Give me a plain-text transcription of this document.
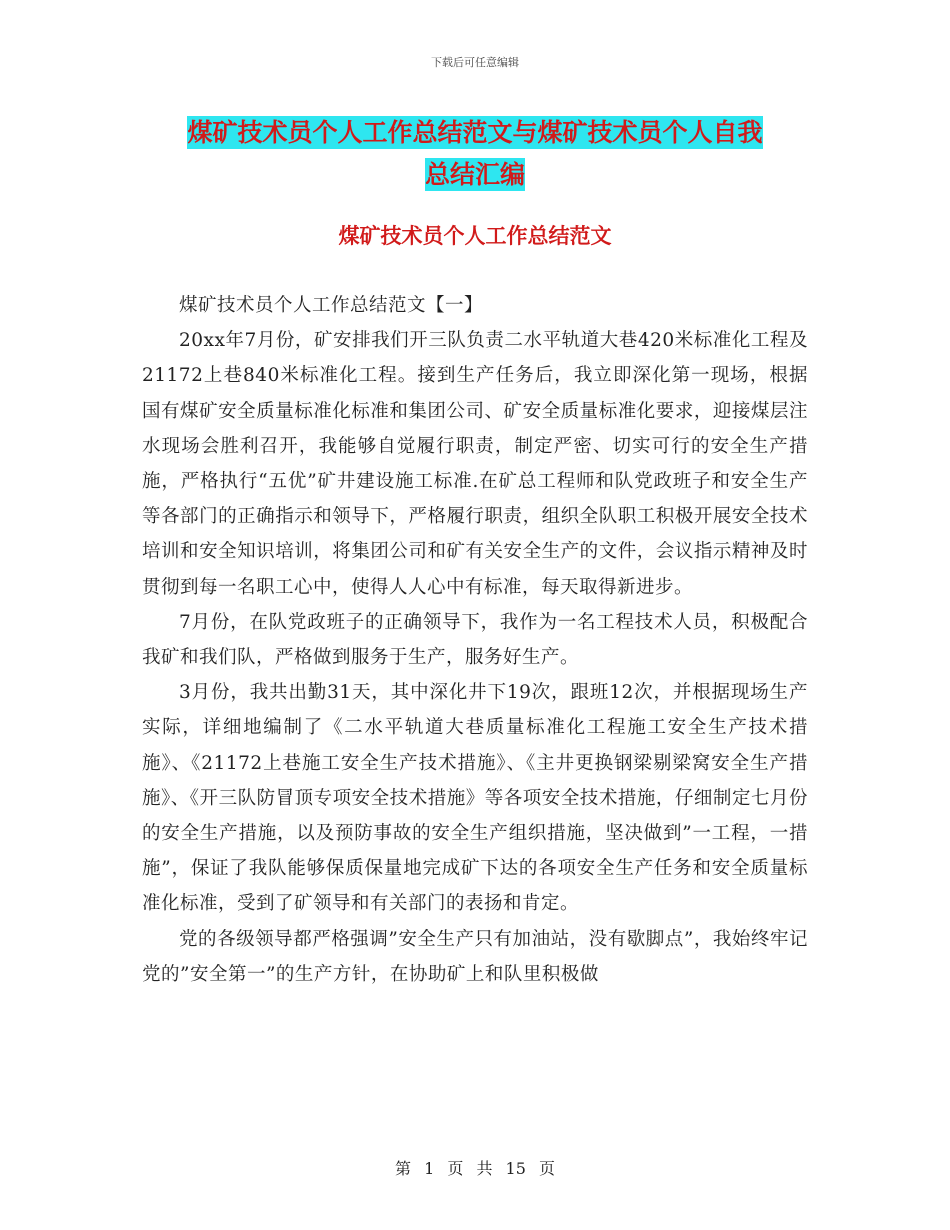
下载后可任意编辑
煤矿技术员个人工作总结范文与煤矿技术员个人自我
总结汇编
煤矿技术员个人工作总结范文

煤矿技术员个人工作总结范文【一】

20xx年7月份，矿安排我们开三队负责二水平轨道大巷420米标准化工程及21172上巷840米标准化工程。接到生产任务后，我立即深化第一现场，根据国有煤矿安全质量标准化标准和集团公司、矿安全质量标准化要求，迎接煤层注水现场会胜利召开，我能够自觉履行职责，制定严密、切实可行的安全生产措施，严格执行“五优”矿井建设施工标准.在矿总工程师和队党政班子和安全生产等各部门的正确指示和领导下，严格履行职责，组织全队职工积极开展安全技术培训和安全知识培训，将集团公司和矿有关安全生产的文件，会议指示精神及时贯彻到每一名职工心中，使得人人心中有标准，每天取得新进步。

7月份，在队党政班子的正确领导下，我作为一名工程技术人员，积极配合我矿和我们队，严格做到服务于生产，服务好生产。

3月份，我共出勤31天，其中深化井下19次，跟班12次，并根据现场生产实际，详细地编制了《二水平轨道大巷质量标准化工程施工安全生产技术措施》、《21172上巷施工安全生产技术措施》、《主井更换钢梁剔梁窝安全生产措施》、《开三队防冒顶专项安全技术措施》等各项安全技术措施，仔细制定七月份的安全生产措施，以及预防事故的安全生产组织措施，坚决做到”一工程，一措施”，保证了我队能够保质保量地完成矿下达的各项安全生产任务和安全质量标准化标准，受到了矿领导和有关部门的表扬和肯定。

党的各级领导都严格强调”安全生产只有加油站，没有歇脚点”，我始终牢记党的”安全第一”的生产方针，在协助矿上和队里积极做

第 1 页 共 15 页
